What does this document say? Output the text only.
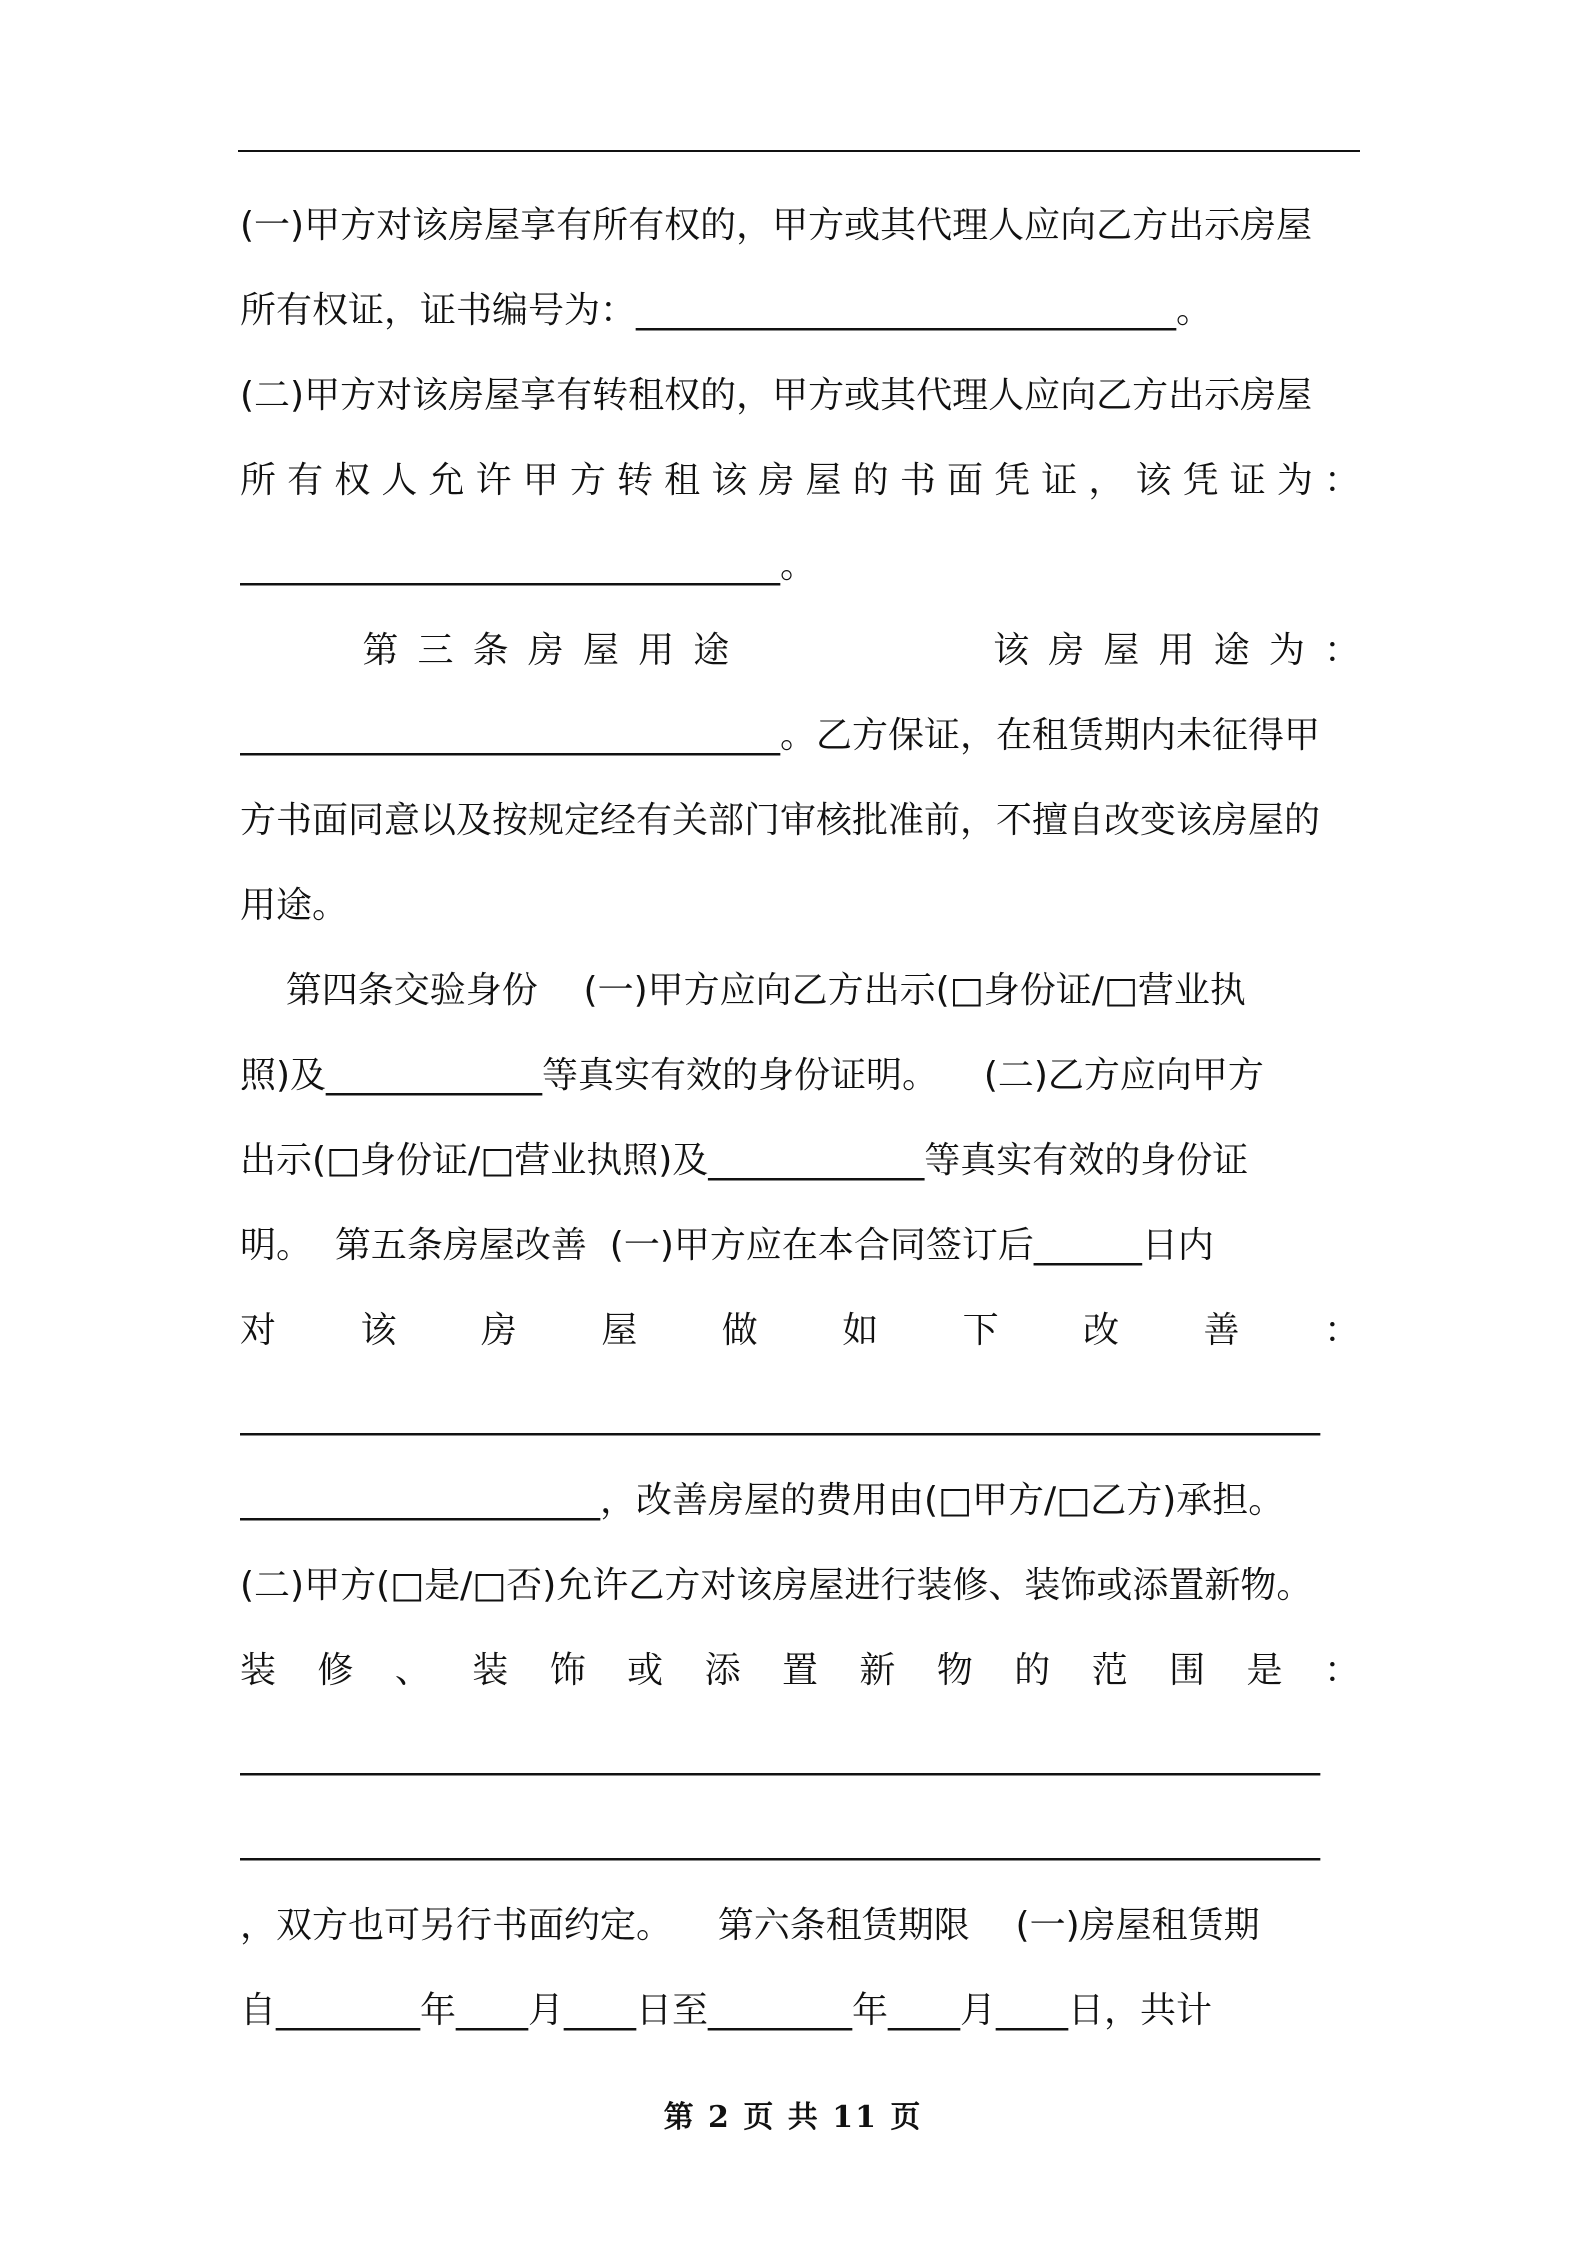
(一)甲方对该房屋享有所有权的，甲方或其代理人应向乙方出示房屋
所有权证，证书编号为：______________________________。
(二)甲方对该房屋享有转租权的，甲方或其代理人应向乙方出示房屋
所有权人允许甲方转租该房屋的书面凭证，该凭证为：
______________________________。
第三条房屋用途        该房屋用途为：
______________________________。乙方保证，在租赁期内未征得甲
方书面同意以及按规定经有关部门审核批准前，不擅自改变该房屋的
用途。
第四条交验身份    (一)甲方应向乙方出示(□身份证/□营业执
照)及____________等真实有效的身份证明。    (二)乙方应向甲方
出示(□身份证/□营业执照)及____________等真实有效的身份证
明。  第五条房屋改善  (一)甲方应在本合同签订后______日内
对该房屋做如下改善：
____________________________________________________________
____________________，改善房屋的费用由(□甲方/□乙方)承担。
(二)甲方(□是/□否)允许乙方对该房屋进行装修、装饰或添置新物。
装修、装饰或添置新物的范围是：
____________________________________________________________
____________________________________________________________
，双方也可另行书面约定。    第六条租赁期限    (一)房屋租赁期
自________年____月____日至________年____月____日，共计
第 2 页 共 11 页
